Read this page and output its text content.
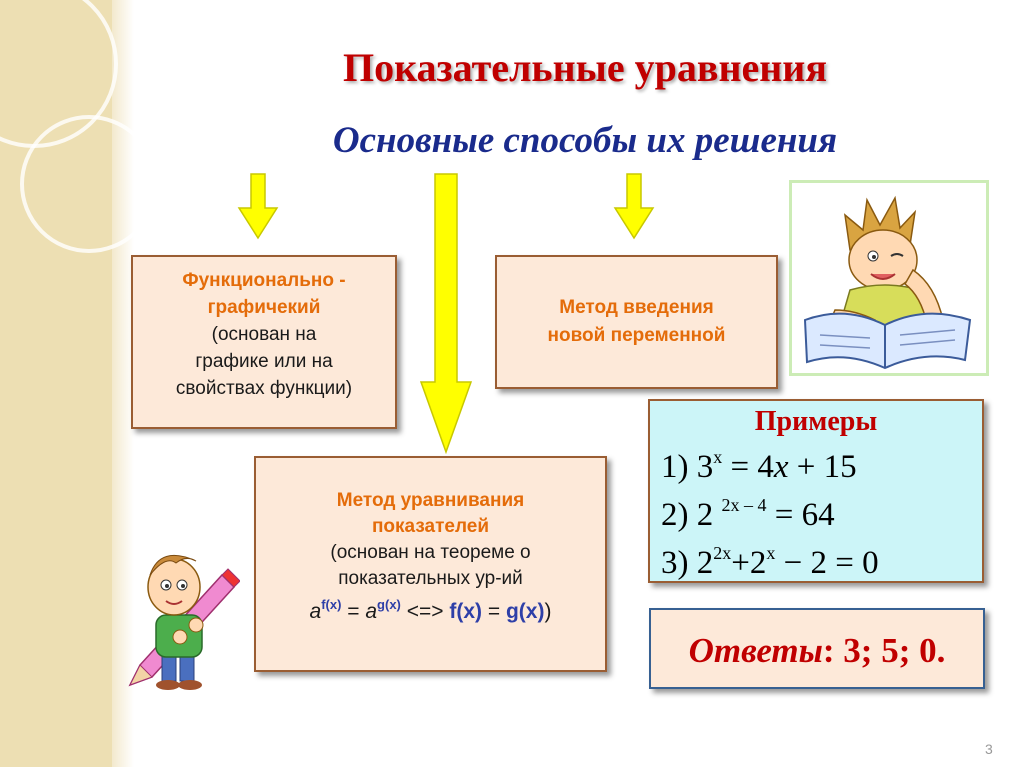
Показательные уравнения
Основные способы их решения
Функционально -
графичекий
(основан на
графике или на
свойствах функции)
Метод введения
новой переменной
Метод уравнивания
показателей
(основан на теореме о
показательных ур-ий
$a^{f(x)} = a^{g(x)}$ <=> f(x) = g(x))
Примеры
1) $3^x = 4x + 15$
2) 2 $^{2x - 4}$ = 64
3) $2^{2x}+2^x - 2 = 0$
Ответы: 3; 5; 0.
3
